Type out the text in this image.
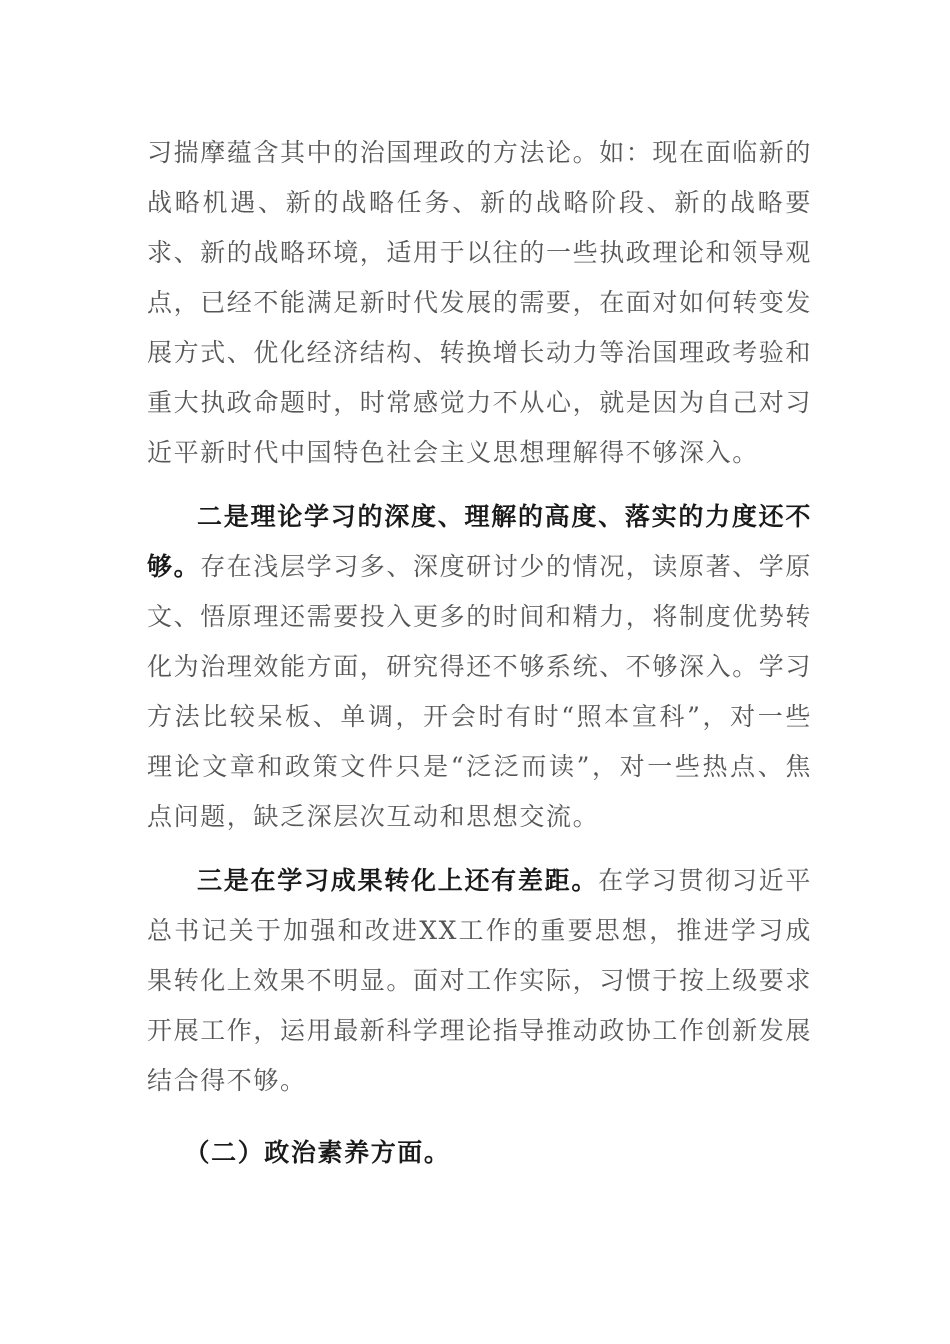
习揣摩蕴含其中的治国理政的方法论。如：现在面临新的战略机遇、新的战略任务、新的战略阶段、新的战略要求、新的战略环境，适用于以往的一些执政理论和领导观点，已经不能满足新时代发展的需要，在面对如何转变发展方式、优化经济结构、转换增长动力等治国理政考验和重大执政命题时，时常感觉力不从心，就是因为自己对习近平新时代中国特色社会主义思想理解得不够深入。

二是理论学习的深度、理解的高度、落实的力度还不够。存在浅层学习多、深度研讨少的情况，读原著、学原文、悟原理还需要投入更多的时间和精力，将制度优势转化为治理效能方面，研究得还不够系统、不够深入。学习方法比较呆板、单调，开会时有时“照本宣科”，对一些理论文章和政策文件只是“泛泛而读”，对一些热点、焦点问题，缺乏深层次互动和思想交流。

三是在学习成果转化上还有差距。在学习贯彻习近平总书记关于加强和改进XX工作的重要思想，推进学习成果转化上效果不明显。面对工作实际，习惯于按上级要求开展工作，运用最新科学理论指导推动政协工作创新发展结合得不够。

（二）政治素养方面。
